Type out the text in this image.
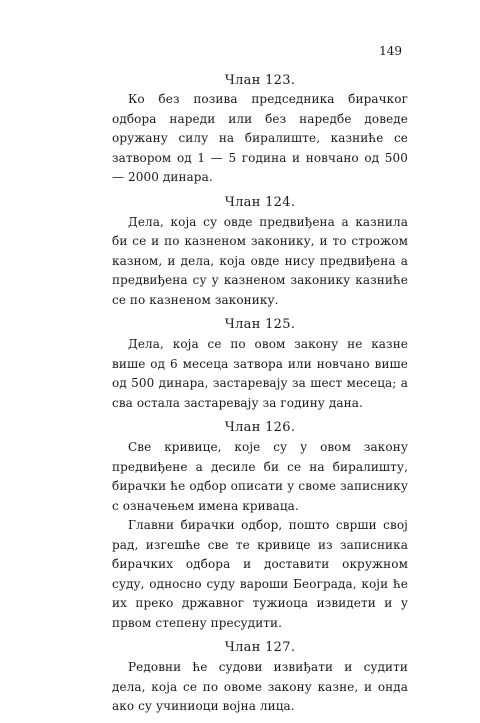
149
Члан 123.

Ко без позива председника бирачког одбора нареди или без наредбе доведе оружану силу на биралиште, казниће се затвором од 1 — 5 година и новчано од 500 — 2000 динара.

Члан 124.

Дела, која су овде предвиђена а казнила би се и по казненом законику, и то строжом казном, и дела, која овде нису предвиђена а предвиђена су у казненом законику казниће се по казненом законику.

Члан 125.

Дела, која се по овом закону не казне више од 6 месеца затвора или новчано више од 500 динара, застаревају за шест месеца; а сва остала застаревају за годину дана.

Члан 126.

Све кривице, које су у овом закону предвиђене а десиле би се на биралишту, бирачки ће одбор описати у своме записнику с означењем имена криваца.

Главни бирачки одбор, пошто сврши свој рад, изгешће све те кривице из записника бирачких одбора и доставити окружном суду, односно суду вароши Београда, који ће их преко државног тужиоца извидети и у првом степену пресудити.

Члан 127.

Редовни ће судови извиђати и судити дела, која се по овоме закону казне, и онда ако су учиниоци војна лица.
